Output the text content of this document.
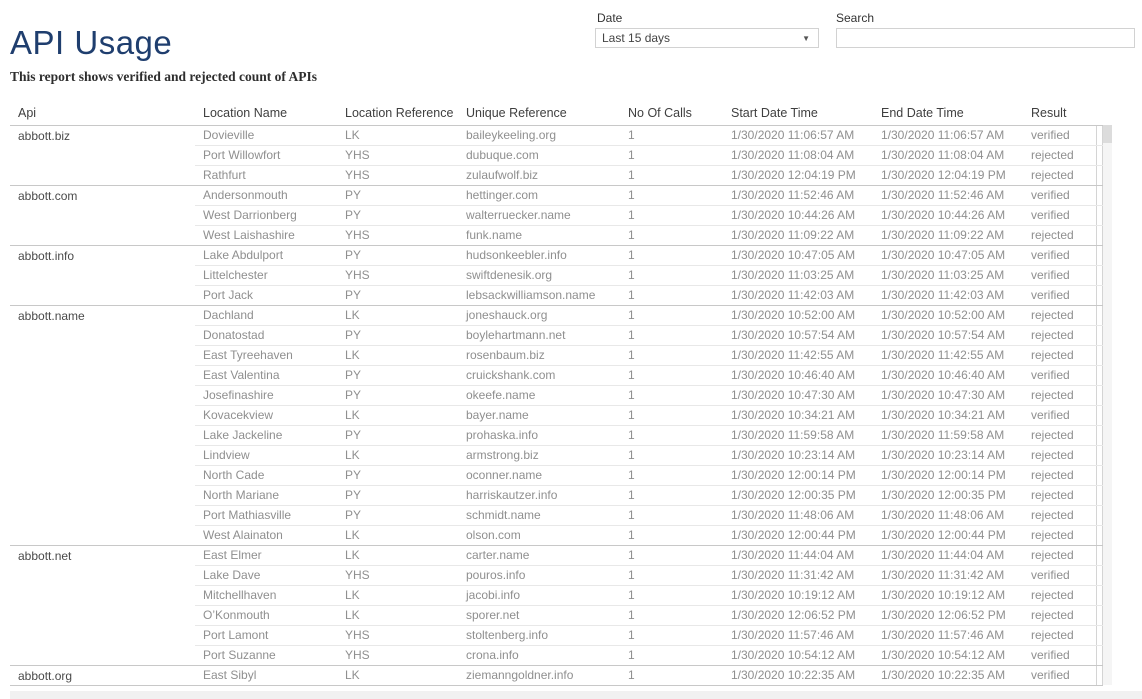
API Usage
This report shows verified and rejected count of APIs
Date
Last 15 days	▼
Search
Api	Location Name	Location Reference	Unique Reference	No Of Calls	Start Date Time	End Date Time	Result	
abbott.biz	Dovieville	LK	baileykeeling.org	1	1/30/2020 11:06:57 AM	1/30/2020 11:06:57 AM	verified	
	Port Willowfort	YHS	dubuque.com	1	1/30/2020 11:08:04 AM	1/30/2020 11:08:04 AM	rejected	
	Rathfurt	YHS	zulaufwolf.biz	1	1/30/2020 12:04:19 PM	1/30/2020 12:04:19 PM	rejected	
abbott.com	Andersonmouth	PY	hettinger.com	1	1/30/2020 11:52:46 AM	1/30/2020 11:52:46 AM	verified	
	West Darrionberg	PY	walterruecker.name	1	1/30/2020 10:44:26 AM	1/30/2020 10:44:26 AM	verified	
	West Laishashire	YHS	funk.name	1	1/30/2020 11:09:22 AM	1/30/2020 11:09:22 AM	rejected	
abbott.info	Lake Abdulport	PY	hudsonkeebler.info	1	1/30/2020 10:47:05 AM	1/30/2020 10:47:05 AM	verified	
	Littelchester	YHS	swiftdenesik.org	1	1/30/2020 11:03:25 AM	1/30/2020 11:03:25 AM	verified	
	Port Jack	PY	lebsackwilliamson.name	1	1/30/2020 11:42:03 AM	1/30/2020 11:42:03 AM	verified	
abbott.name	Dachland	LK	joneshauck.org	1	1/30/2020 10:52:00 AM	1/30/2020 10:52:00 AM	rejected	
	Donatostad	PY	boylehartmann.net	1	1/30/2020 10:57:54 AM	1/30/2020 10:57:54 AM	rejected	
	East Tyreehaven	LK	rosenbaum.biz	1	1/30/2020 11:42:55 AM	1/30/2020 11:42:55 AM	rejected	
	East Valentina	PY	cruickshank.com	1	1/30/2020 10:46:40 AM	1/30/2020 10:46:40 AM	verified	
	Josefinashire	PY	okeefe.name	1	1/30/2020 10:47:30 AM	1/30/2020 10:47:30 AM	rejected	
	Kovacekview	LK	bayer.name	1	1/30/2020 10:34:21 AM	1/30/2020 10:34:21 AM	verified	
	Lake Jackeline	PY	prohaska.info	1	1/30/2020 11:59:58 AM	1/30/2020 11:59:58 AM	rejected	
	Lindview	LK	armstrong.biz	1	1/30/2020 10:23:14 AM	1/30/2020 10:23:14 AM	rejected	
	North Cade	PY	oconner.name	1	1/30/2020 12:00:14 PM	1/30/2020 12:00:14 PM	rejected	
	North Mariane	PY	harriskautzer.info	1	1/30/2020 12:00:35 PM	1/30/2020 12:00:35 PM	rejected	
	Port Mathiasville	PY	schmidt.name	1	1/30/2020 11:48:06 AM	1/30/2020 11:48:06 AM	rejected	
	West Alainaton	LK	olson.com	1	1/30/2020 12:00:44 PM	1/30/2020 12:00:44 PM	rejected	
abbott.net	East Elmer	LK	carter.name	1	1/30/2020 11:44:04 AM	1/30/2020 11:44:04 AM	rejected	
	Lake Dave	YHS	pouros.info	1	1/30/2020 11:31:42 AM	1/30/2020 11:31:42 AM	verified	
	Mitchellhaven	LK	jacobi.info	1	1/30/2020 10:19:12 AM	1/30/2020 10:19:12 AM	rejected	
	O’Konmouth	LK	sporer.net	1	1/30/2020 12:06:52 PM	1/30/2020 12:06:52 PM	rejected	
	Port Lamont	YHS	stoltenberg.info	1	1/30/2020 11:57:46 AM	1/30/2020 11:57:46 AM	rejected	
	Port Suzanne	YHS	crona.info	1	1/30/2020 10:54:12 AM	1/30/2020 10:54:12 AM	verified	
abbott.org	East Sibyl	LK	ziemanngoldner.info	1	1/30/2020 10:22:35 AM	1/30/2020 10:22:35 AM	verified	
